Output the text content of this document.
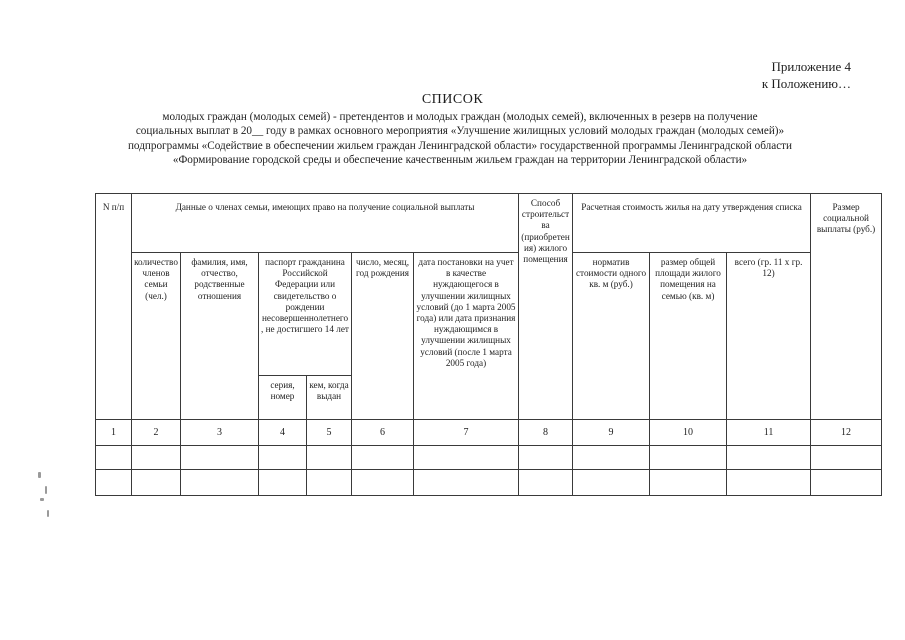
Приложение 4
к Положению…
СПИСОК
молодых граждан (молодых семей) - претендентов и молодых граждан (молодых семей), включенных в резерв на получение
социальных выплат в 20__ году в рамках основного мероприятия «Улучшение жилищных условий молодых граждан (молодых семей)»
подпрограммы «Содействие в обеспечении жильем граждан Ленинградской области» государственной программы Ленинградской области
«Формирование городской среды и обеспечение качественным жильем граждан на территории Ленинградской области»
N п/п	Данные о членах семьи, имеющих право на получение социальной выплаты						Способ строительства (приобретения) жилого помещения	Расчетная стоимость жилья на дату утверждения списка			Размер социальной выплаты (руб.)
	количество членов семьи (чел.)	фамилия, имя, отчество, родственные отношения	паспорт гражданина Российской Федерации или свидетельство о рождении несовершеннолетнего, не достигшего 14 лет		число, месяц, год рождения	дата постановки на учет в качестве нуждающегося в улучшении жилищных условий (до 1 марта 2005 года) или дата признания нуждающимся в улучшении жилищных условий (после 1 марта 2005 года)		норматив стоимости одного кв. м (руб.)	размер общей площади жилого помещения на семью (кв. м)	всего (гр. 11 х гр. 12)	
			серия, номер	кем, когда выдан							
1	2	3	4	5	6	7	8	9	10	11	12
